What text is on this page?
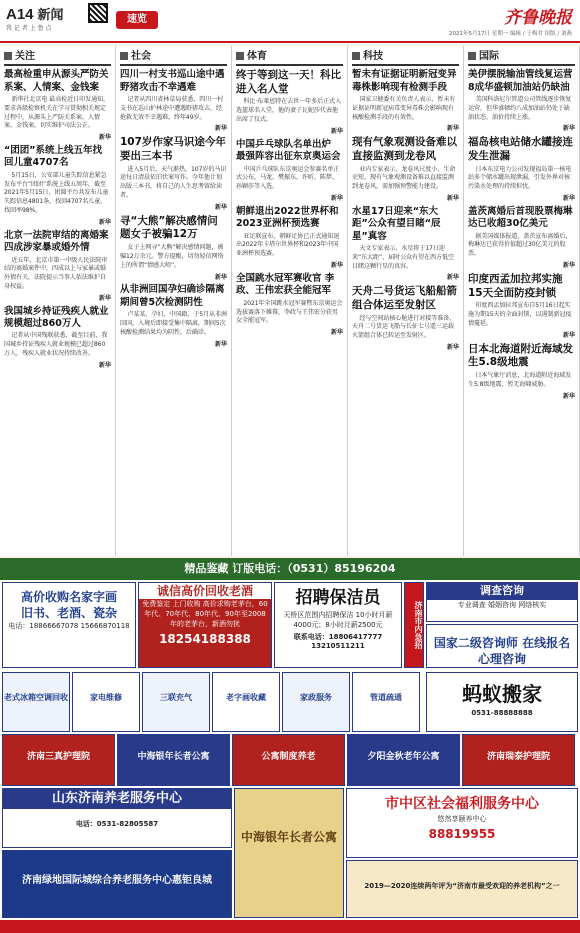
A14 新闻
我 记 者 上 鲁 点
速览	齐鲁晚报
2021年5月17日 星期一 编辑 / 于梅君 组版 / 刘燕
关注
最高检重申从源头严防关系案、人情案、金钱案
新华社北京电 最高检近日印发通知，要求各级检察机关在学习贯彻相关规定过程中，从源头上严防关系案、人情案、金钱案，切实维护司法公正。
新华
“团团”系统上线五年找回儿童4707名
5月15日，公安部儿童失踪信息紧急发布平台“团团”系统上线五周年。截至2021年5月15日，团圆平台共发布儿童失踪信息4801条，找回4707名儿童，找回率98%。
新华
北京一法院审结的离婚案四成涉家暴或婚外情
近五年，北京市第一中级人民法院审结的离婚案件中，四成以上与家暴或婚外情有关，法院提示当事人依法维护自身权益。
新华
我国城乡持证残疾人就业规模超过860万人
记者从中国残联获悉，截至目前，我国城乡持证残疾人就业规模已超过860万人，残疾人就业状况持续改善。
新华
社会
四川一村支书巡山途中遇野猪攻击不幸遇难
记者从四川省林草局获悉，四川一村支书在巡山护林途中遭遇野猪攻击，经抢救无效不幸遇难，终年49岁。
新华
107岁作家马识途今年要出三本书
进入5月后，天气渐热，107岁的马识途每日清晨依旧伏案写作。今年他计划出版三本书，将自己的人生思考留给读者。
新华
寻“大熊”解决感情问题女子被骗12万
女子上网寻“大熊”解决感情问题，被骗12万余元。警方提醒，切勿轻信网络上的所谓“情感大师”。
新华
从非洲回国孕妇确诊隔离期间曾5次检测阴性
卢某某，孕妇，中国籍，于5月从非洲回国，入境后即接受集中隔离，期间5次核酸检测结果均为阴性，后确诊。
新华
体育
终于等到这一天！科比进入名人堂
科比·布莱恩特在去世一年多后正式入选篮球名人堂，他的妻子瓦妮莎代表他出席了仪式。
新华
中国乒乓球队名单出炉 最强阵容出征东京奥运会
中国乒乓球队东京奥运会参赛名单正式公布，马龙、樊振东、许昕、陈梦、孙颖莎等入选。
新华
朝鲜退出2022世界杯和2023亚洲杯预选赛
亚足联宣布，朝鲜足协已正式通知退出2022年卡塔尔世界杯和2023年中国亚洲杯预选赛。
新华
全国跳水冠军赛收官 李政、王伟宏获全能冠军
2021年全国跳水冠军赛暨东京奥运会选拔赛落下帷幕，李政与王伟宏分获男女全能冠军。
新华
科技
暂未有证据证明新冠变异毒株影响现有检测手段
国家卫健委有关负责人表示，暂未有证据证明新冠病毒变异毒株会影响现有核酸检测手段的有效性。
新华
现有气象观测设备难以直接监测到龙卷风
业内专家表示，龙卷风尺度小、生命史短，现有气象观测设备难以直接监测到龙卷风，需加强预警能力建设。
新华
水星17日迎来“东大距”公众有望目睹“辰星”真容
天文专家表示，水星将于17日迎来“东大距”，届时公众有望在西方低空目睹这颗行星的真容。
新华
天舟二号货运飞船船箭组合体运至发射区
经与空间站核心舱进行对接等准备，天舟二号货运飞船与长征七号遥三运载火箭组合体已转运至发射区。
新华
国际
美伊摆脱输油管线复运营 8成华盛顿加油站仍缺油
美国科洛尼尔管道公司管线逐步恢复运营，但华盛顿约八成加油站仍处于缺油状态，油价持续上涨。
新华
福岛核电站储水罐接连发生泄漏
日本东京电力公司发现福岛第一核电站多个储水罐出现泄漏，引发外界对核污染水处理的持续担忧。
新华
盖茨离婚后首现股票梅琳达已收超30亿美元
据美国媒体报道，盖茨宣布离婚后，梅琳达已获得价值超过30亿美元的股票。
新华
印度西孟加拉邦实施15天全面防疫封锁
印度西孟加拉邦宣布自5月16日起实施为期15天的全面封锁，以遏制新冠疫情蔓延。
新华
日本北海道附近海域发生5.8级地震
日本气象厅消息，北海道附近海域发生5.8级地震，暂无海啸威胁。
新华
精品鉴藏 订版电话：（0531）85196204
高价收购名家字画
旧书、老酒、瓷杂
电话：18866667078 15666870118
诚信高价回收老酒
免费鉴定 上门收购 高价求购老茅台，60年代、70年代、80年代、90年至2008年的老茅台，新酒勿扰
18254188388
招聘保洁员
天桥区范围内招聘保洁 10小时月薪4000元；8小时月薪2500元
联系电话：18806417777 13210511211	济南市内急招
调查咨询
专业调查 婚姻咨询 网络核实
国家二级咨询师 在线报名 心理咨询
老式冰箱空调回收	家电维修	三联充气	老字画收藏	家政服务	管道疏通	蚂蚁搬家
0531-88888888
济南三真护理院	中海银年长者公寓	公寓制度养老	夕阳金秋老年公寓	济南瑞泰护理院
山东济南养老服务中心
电话：0531-82805587
中海银年长者公寓
市中区社会福利服务中心
悠然享颐养中心
88819955
济南绿地国际城综合养老服务中心惠钜良城	2019—2020连续两年评为“济南市最受欢迎的养老机构”之一
